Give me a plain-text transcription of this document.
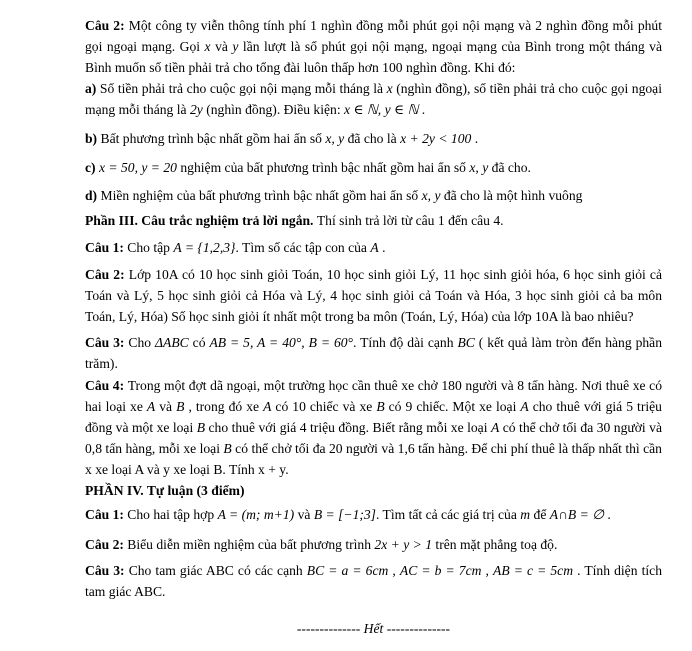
Câu 2: Một công ty viễn thông tính phí 1 nghìn đồng mỗi phút gọi nội mạng và 2 nghìn đồng mỗi phút gọi ngoại mạng. Gọi x và y lần lượt là số phút gọi nội mạng, ngoại mạng của Bình trong một tháng và Bình muốn số tiền phải trả cho tổng đài luôn thấp hơn 100 nghìn đồng. Khi đó:

a) Số tiền phải trả cho cuộc gọi nội mạng mỗi tháng là x (nghìn đồng), số tiền phải trả cho cuộc gọi ngoại mạng mỗi tháng là 2y (nghìn đồng). Điều kiện: x ∈ ℕ, y ∈ ℕ .

b) Bất phương trình bậc nhất gồm hai ẩn số x, y đã cho là x + 2y < 100 .

c) x = 50, y = 20 nghiệm của bất phương trình bậc nhất gồm hai ẩn số x, y đã cho.

d) Miền nghiệm của bất phương trình bậc nhất gồm hai ẩn số x, y đã cho là một hình vuông

Phần III. Câu trắc nghiệm trả lời ngắn. Thí sinh trả lời từ câu 1 đến câu 4.

Câu 1: Cho tập A = {1,2,3}. Tìm số các tập con của A .

Câu 2: Lớp 10A có 10 học sinh giỏi Toán, 10 học sinh giỏi Lý, 11 học sinh giỏi hóa, 6 học sinh giỏi cả Toán và Lý, 5 học sinh giỏi cả Hóa và Lý, 4 học sinh giỏi cả Toán và Hóa, 3 học sinh giỏi cả ba môn Toán, Lý, Hóa) Số học sinh giỏi ít nhất một trong ba môn (Toán, Lý, Hóa) của lớp 10A là bao nhiêu?

Câu 3: Cho ΔABC có AB = 5, A = 40°, B = 60°. Tính độ dài cạnh BC ( kết quả làm tròn đến hàng phần trăm).

Câu 4: Trong một đợt dã ngoại, một trường học cần thuê xe chở 180 người và 8 tấn hàng. Nơi thuê xe có hai loại xe A và B , trong đó xe A có 10 chiếc và xe B có 9 chiếc. Một xe loại A cho thuê với giá 5 triệu đồng và một xe loại B cho thuê với giá 4 triệu đồng. Biết rằng mỗi xe loại A có thể chở tối đa 30 người và 0,8 tấn hàng, mỗi xe loại B có thể chở tối đa 20 người và 1,6 tấn hàng. Để chi phí thuê là thấp nhất thì cần x xe loại A và y xe loại B. Tính x + y.

PHẦN IV. Tự luận (3 điểm)

Câu 1: Cho hai tập hợp A = (m; m+1) và B = [−1;3]. Tìm tất cả các giá trị của m để A∩B = ∅ .

Câu 2: Biểu diễn miền nghiệm của bất phương trình 2x + y > 1 trên mặt phẳng toạ độ.

Câu 3: Cho tam giác ABC có các cạnh BC = a = 6cm , AC = b = 7cm , AB = c = 5cm . Tính diện tích tam giác ABC.

-------------- Hết --------------
